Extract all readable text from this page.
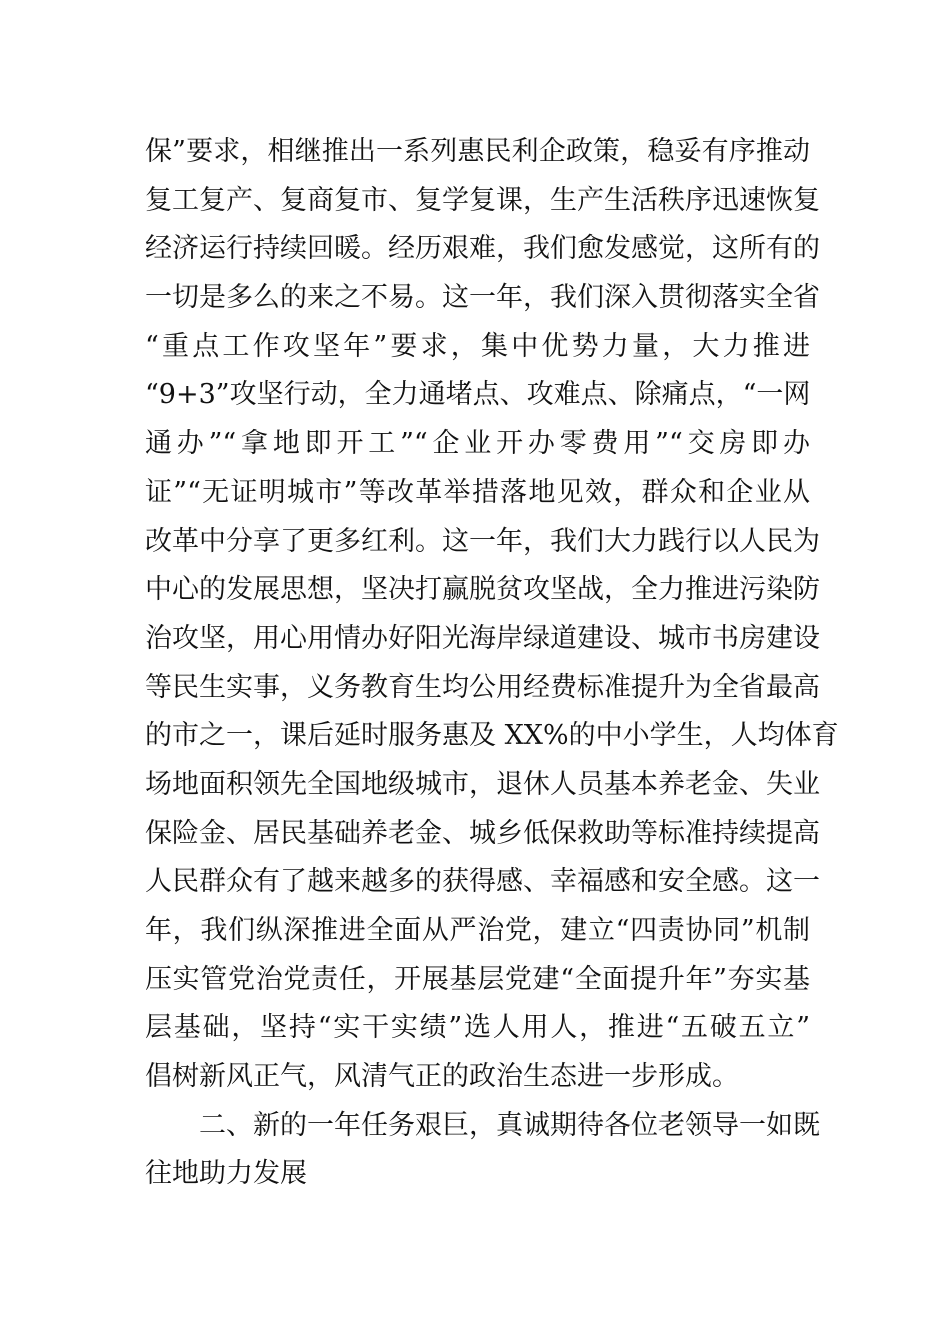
保”要求，相继推出一系列惠民利企政策，稳妥有序推动
复工复产、复商复市、复学复课，生产生活秩序迅速恢复
经济运行持续回暖。经历艰难，我们愈发感觉，这所有的
一切是多么的来之不易。这一年，我们深入贯彻落实全省
“重点工作攻坚年”要求，集中优势力量，大力推进
“9+3”攻坚行动，全力通堵点、攻难点、除痛点，“一网
通办”“拿地即开工”“企业开办零费用”“交房即办
证”“无证明城市”等改革举措落地见效，群众和企业从
改革中分享了更多红利。这一年，我们大力践行以人民为
中心的发展思想，坚决打赢脱贫攻坚战，全力推进污染防
治攻坚，用心用情办好阳光海岸绿道建设、城市书房建设
等民生实事，义务教育生均公用经费标准提升为全省最高
的市之一，课后延时服务惠及 XX%的中小学生，人均体育
场地面积领先全国地级城市，退休人员基本养老金、失业
保险金、居民基础养老金、城乡低保救助等标准持续提高
人民群众有了越来越多的获得感、幸福感和安全感。这一
年，我们纵深推进全面从严治党，建立“四责协同”机制
压实管党治党责任，开展基层党建“全面提升年”夯实基
层基础，坚持“实干实绩”选人用人，推进“五破五立”
倡树新风正气，风清气正的政治生态进一步形成。
二、新的一年任务艰巨，真诚期待各位老领导一如既
往地助力发展
